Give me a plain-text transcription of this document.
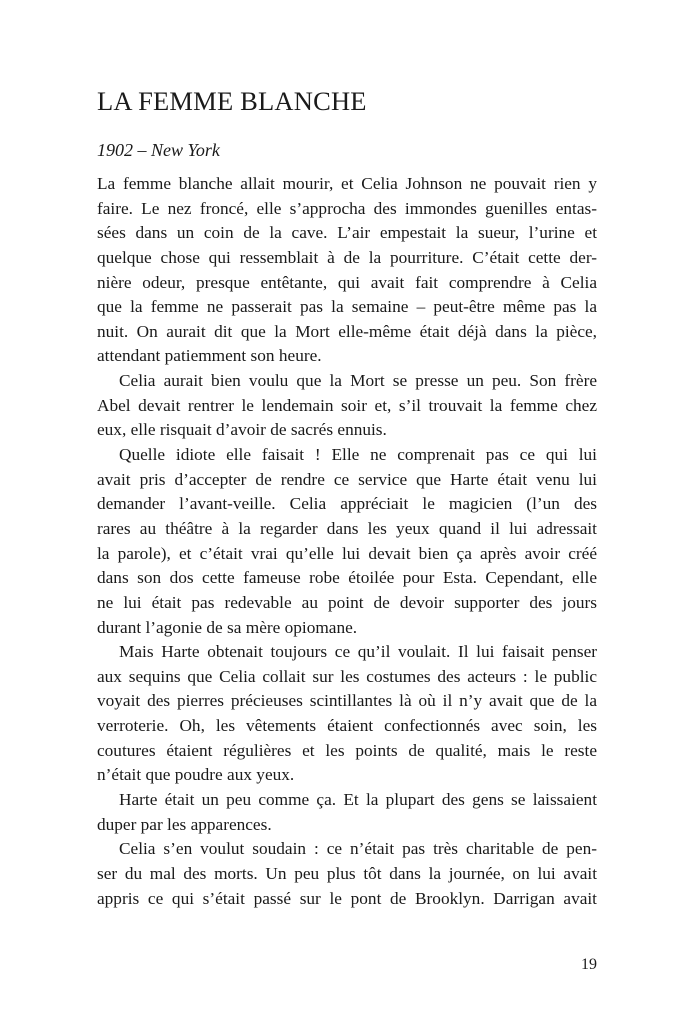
LA FEMME BLANCHE
1902 – New York
La femme blanche allait mourir, et Celia Johnson ne pouvait rien y
faire. Le nez froncé, elle s’approcha des immondes guenilles entas-
sées dans un coin de la cave. L’air empestait la sueur, l’urine et
quelque chose qui ressemblait à de la pourriture. C’était cette der-
nière odeur, presque entêtante, qui avait fait comprendre à Celia
que la femme ne passerait pas la semaine – peut-être même pas la
nuit. On aurait dit que la Mort elle-même était déjà dans la pièce,
attendant patiemment son heure.
Celia aurait bien voulu que la Mort se presse un peu. Son frère
Abel devait rentrer le lendemain soir et, s’il trouvait la femme chez
eux, elle risquait d’avoir de sacrés ennuis.
Quelle idiote elle faisait ! Elle ne comprenait pas ce qui lui
avait pris d’accepter de rendre ce service que Harte était venu lui
demander l’avant-veille. Celia appréciait le magicien (l’un des
rares au théâtre à la regarder dans les yeux quand il lui adressait
la parole), et c’était vrai qu’elle lui devait bien ça après avoir créé
dans son dos cette fameuse robe étoilée pour Esta. Cependant, elle
ne lui était pas redevable au point de devoir supporter des jours
durant l’agonie de sa mère opiomane.
Mais Harte obtenait toujours ce qu’il voulait. Il lui faisait penser
aux sequins que Celia collait sur les costumes des acteurs : le public
voyait des pierres précieuses scintillantes là où il n’y avait que de la
verroterie. Oh, les vêtements étaient confectionnés avec soin, les
coutures étaient régulières et les points de qualité, mais le reste
n’était que poudre aux yeux.
Harte était un peu comme ça. Et la plupart des gens se laissaient
duper par les apparences.
Celia s’en voulut soudain : ce n’était pas très charitable de pen-
ser du mal des morts. Un peu plus tôt dans la journée, on lui avait
appris ce qui s’était passé sur le pont de Brooklyn. Darrigan avait
19
